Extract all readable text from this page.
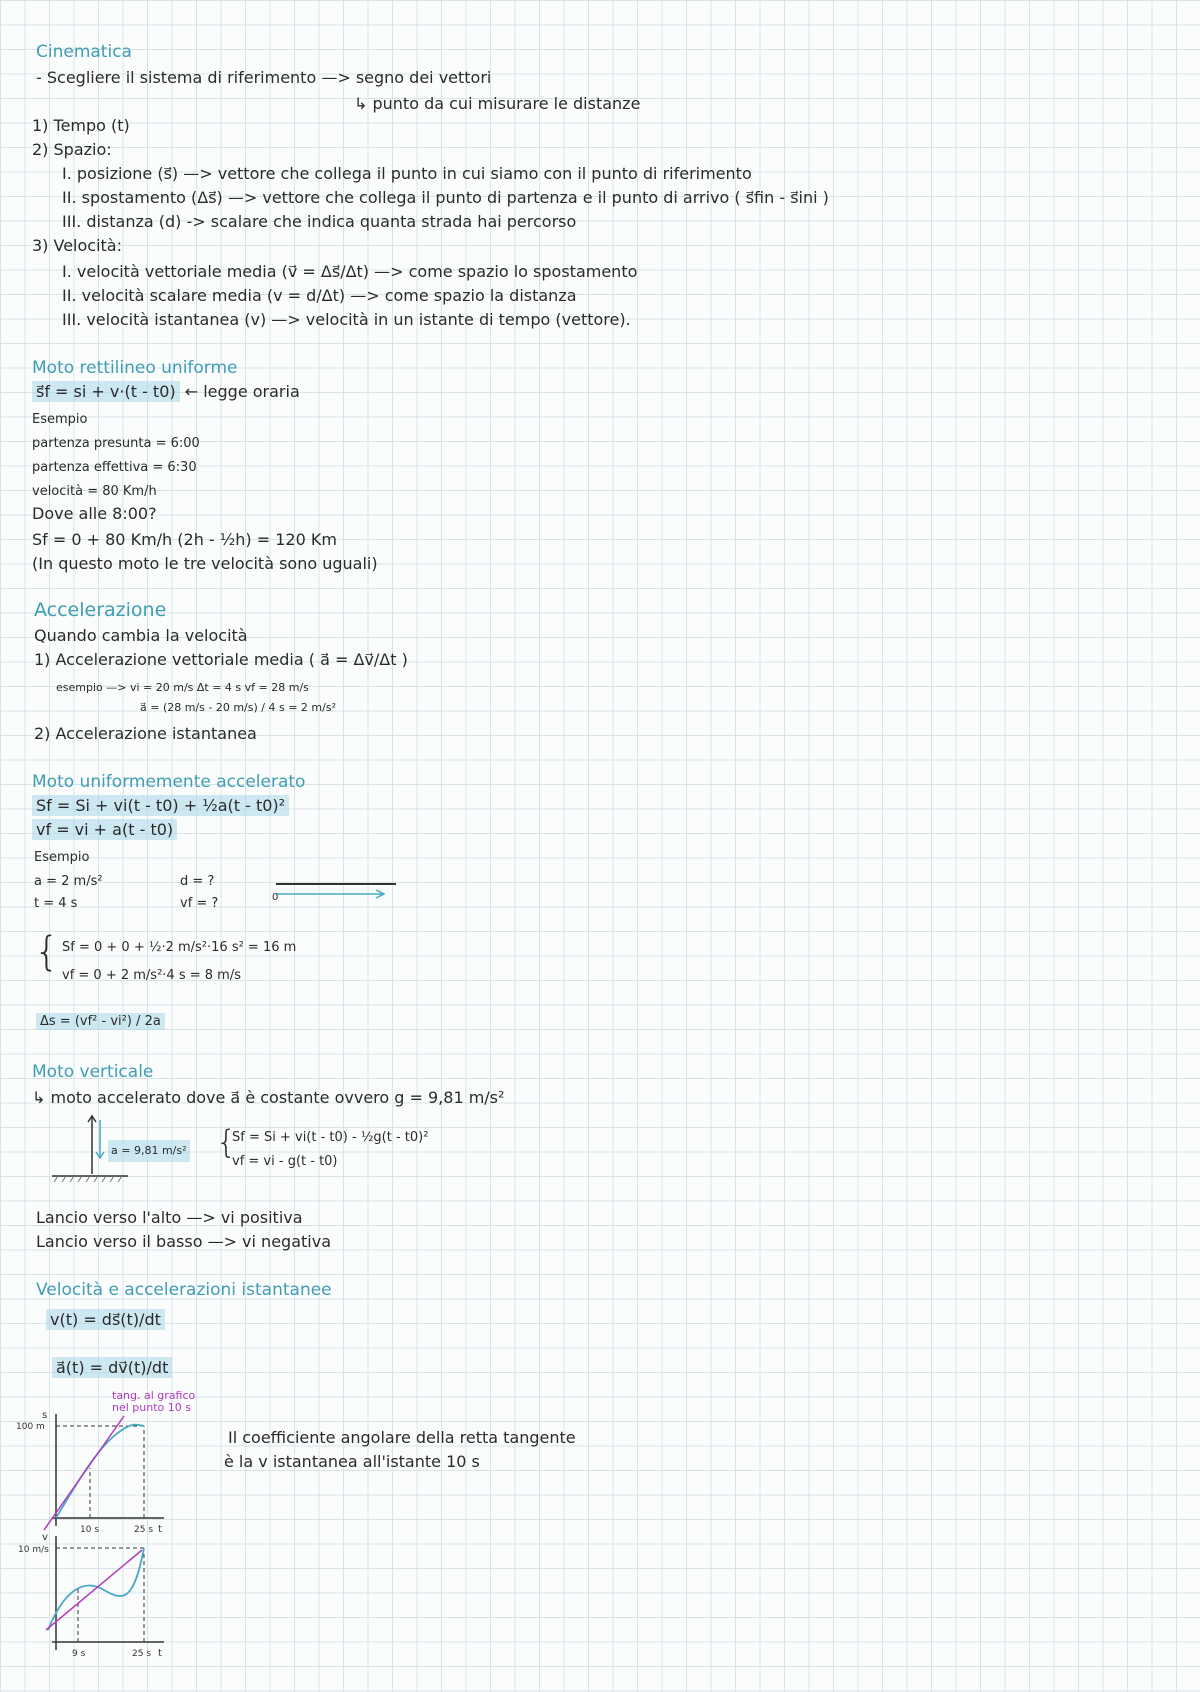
Cinematica
- Scegliere il sistema di riferimento —> segno dei vettori
↳ punto da cui misurare le distanze
1) Tempo (t)
2) Spazio:
I. posizione (s⃗) —> vettore che collega il punto in cui siamo con il punto di riferimento
II. spostamento (Δs⃗) —> vettore che collega il punto di partenza e il punto di arrivo ( s⃗fin - s⃗ini )
III. distanza (d) -> scalare che indica quanta strada hai percorso
3) Velocità:
I. velocità vettoriale media (v⃗ = Δs⃗/Δt) —> come spazio lo spostamento
II. velocità scalare media (v = d/Δt) —> come spazio la distanza
III. velocità istantanea (v) —> velocità in un istante di tempo (vettore).
Moto rettilineo uniforme
s⃗f = si + v·(t - t0) ← legge oraria
Esempio
partenza presunta = 6:00
partenza effettiva = 6:30
velocità = 80 Km/h
Dove alle 8:00?
Sf = 0 + 80 Km/h (2h - ½h) = 120 Km
(In questo moto le tre velocità sono uguali)
Accelerazione
Quando cambia la velocità
1) Accelerazione vettoriale media ( a⃗ = Δv⃗/Δt )
esempio —> vi = 20 m/s Δt = 4 s vf = 28 m/s
a⃗ = (28 m/s - 20 m/s) / 4 s = 2 m/s²
2) Accelerazione istantanea
Moto uniformemente accelerato
Sf = Si + vi(t - t0) + ½a(t - t0)²
vf = vi + a(t - t0)
Esempio
a = 2 m/s²	d = ?
t = 4 s	vf = ?	0
{ Sf = 0 + 0 + ½·2 m/s²·16 s² = 16 m
vf = 0 + 2 m/s²·4 s = 8 m/s
Δs = (vf² - vi²) / 2a
Moto verticale
↳ moto accelerato dove a⃗ è costante ovvero g = 9,81 m/s²
a = 9,81 m/s² {
Sf = Si + vi(t - t0) - ½g(t - t0)²
vf = vi - g(t - t0)
Lancio verso l'alto —> vi positiva
Lancio verso il basso —> vi negativa
Velocità e accelerazioni istantanee
v(t) = ds⃗(t)/dt
a⃗(t) = dv⃗(t)/dt
tang. al grafico
nel punto 10 s
s
100 m
10 s	25 s t
v
10 m/s
9 s	25 s t
Il coefficiente angolare della retta tangente
è la v istantanea all'istante 10 s
